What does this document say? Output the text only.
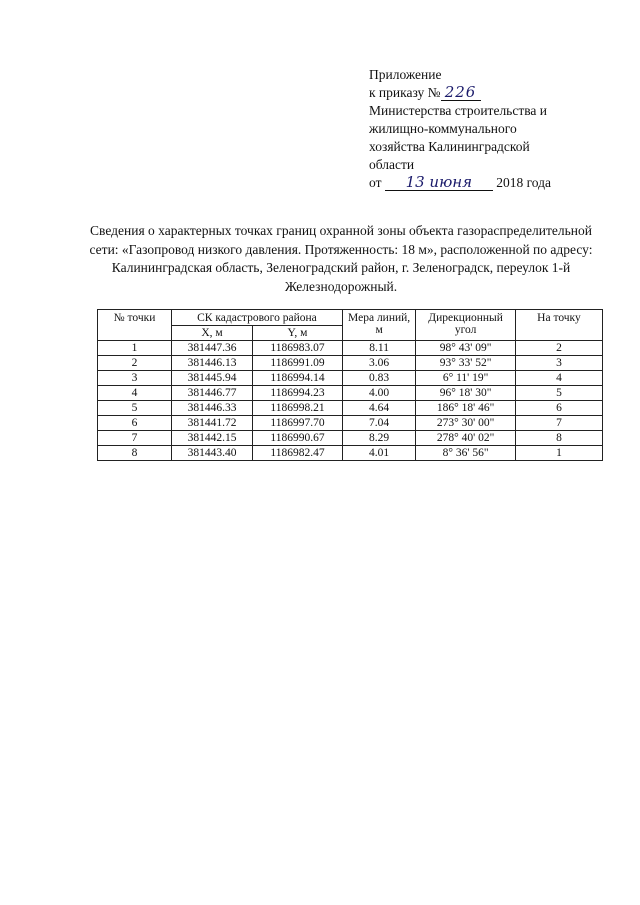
Приложение
к приказу № 226
Министерства строительства и
жилищно-коммунального
хозяйства Калининградской
области
от 13 июня 2018 года
Сведения о характерных точках границ охранной зоны объекта газораспределительной сети: «Газопровод низкого давления. Протяженность: 18 м», расположенной по адресу: Калининградская область, Зеленоградский район, г. Зеленоградск, переулок 1-й Железнодорожный.
№ точки	СК кадастрового района		Мера линий, м	Дирекционный угол	На точку
	X, м	Y, м			
1	381447.36	1186983.07	8.11	98° 43' 09"	2
2	381446.13	1186991.09	3.06	93° 33' 52"	3
3	381445.94	1186994.14	0.83	6° 11' 19"	4
4	381446.77	1186994.23	4.00	96° 18' 30"	5
5	381446.33	1186998.21	4.64	186° 18' 46"	6
6	381441.72	1186997.70	7.04	273° 30' 00"	7
7	381442.15	1186990.67	8.29	278° 40' 02"	8
8	381443.40	1186982.47	4.01	8° 36' 56"	1
